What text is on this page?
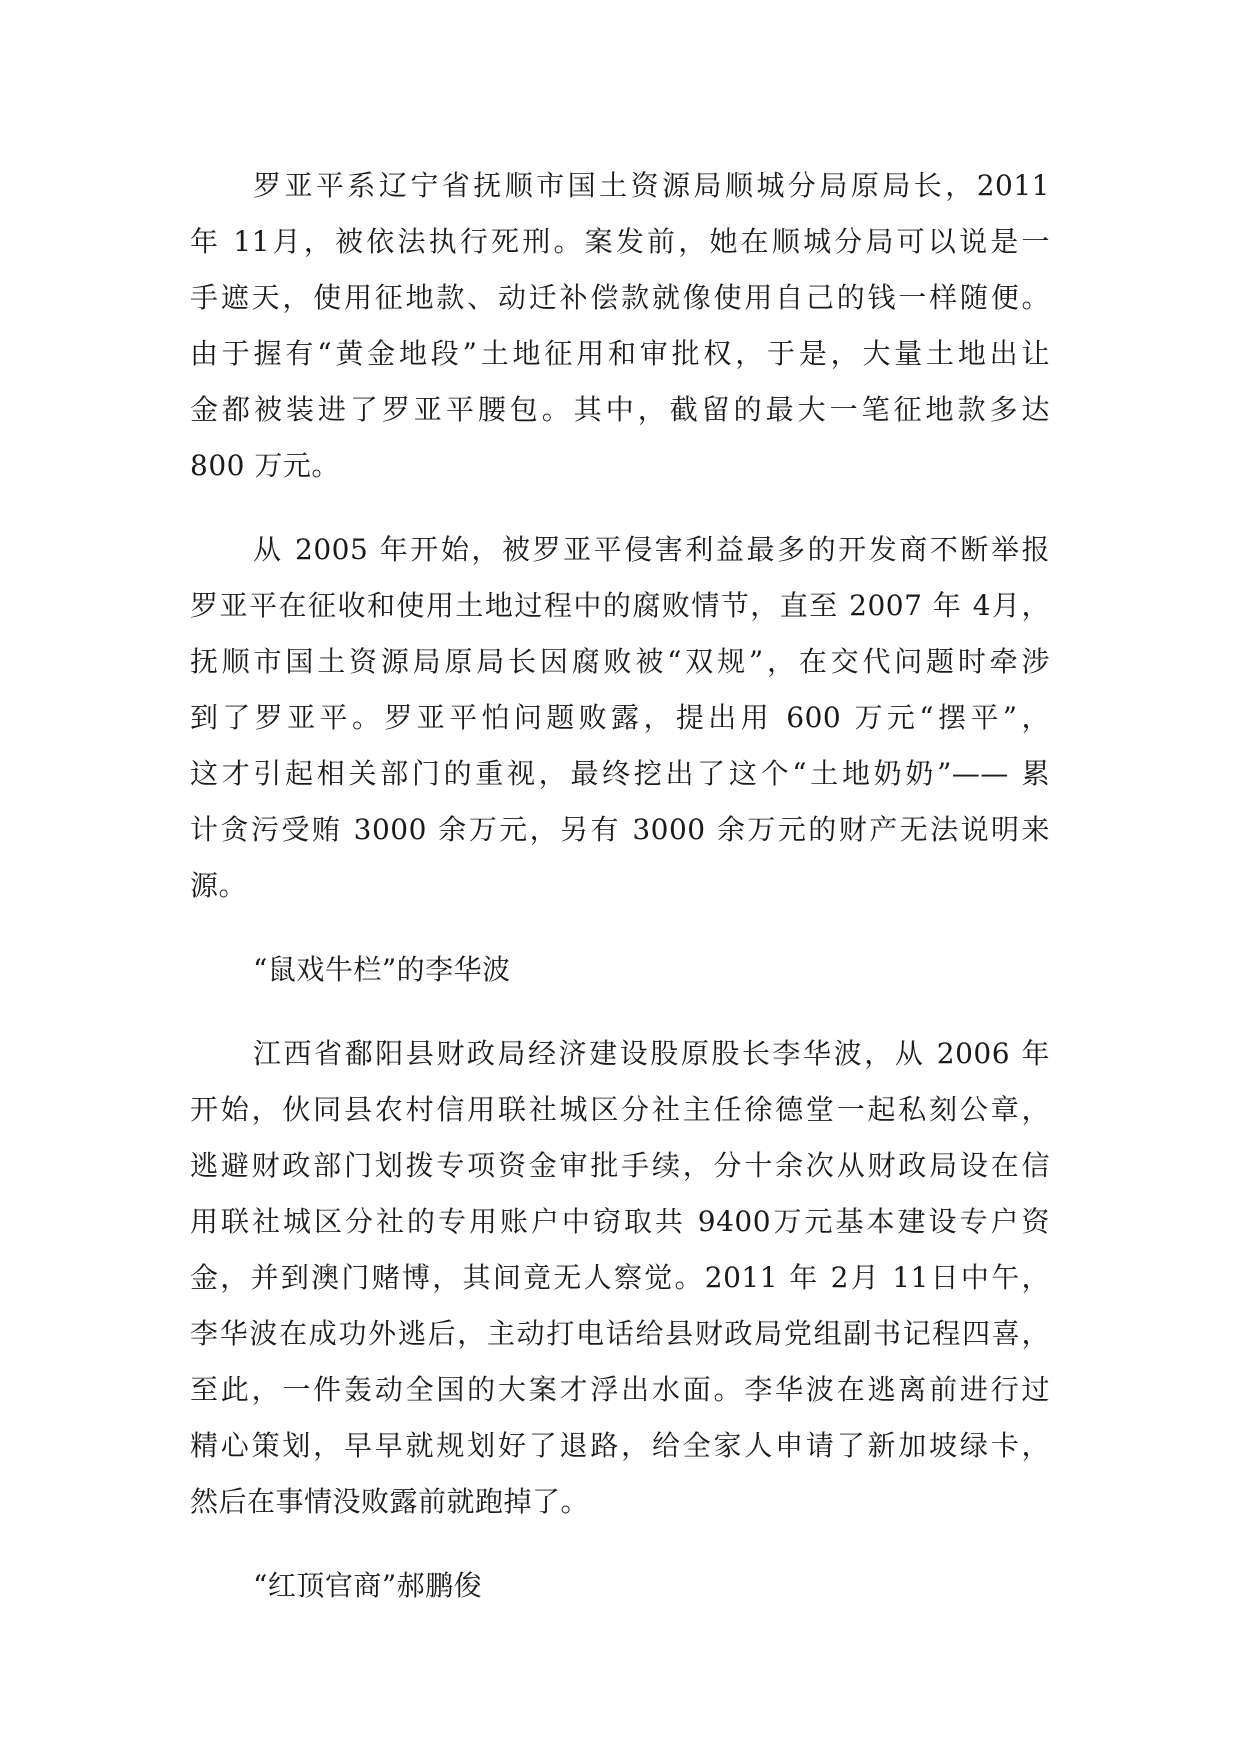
罗亚平系辽宁省抚顺市国土资源局顺城分局原局长，2011
年 11月，被依法执行死刑。案发前，她在顺城分局可以说是一
手遮天，使用征地款、动迁补偿款就像使用自己的钱一样随便。
由于握有“黄金地段”土地征用和审批权，于是，大量土地出让
金都被装进了罗亚平腰包。其中，截留的最大一笔征地款多达
800 万元。
从 2005 年开始，被罗亚平侵害利益最多的开发商不断举报
罗亚平在征收和使用土地过程中的腐败情节，直至 2007 年 4月，
抚顺市国土资源局原局长因腐败被“双规”，在交代问题时牵涉
到了罗亚平。罗亚平怕问题败露，提出用 600 万元“摆平”，
这才引起相关部门的重视，最终挖出了这个“土地奶奶”—— 累
计贪污受贿 3000 余万元，另有 3000 余万元的财产无法说明来
源。
“鼠戏牛栏”的李华波
江西省鄱阳县财政局经济建设股原股长李华波，从 2006 年
开始，伙同县农村信用联社城区分社主任徐德堂一起私刻公章，
逃避财政部门划拨专项资金审批手续，分十余次从财政局设在信
用联社城区分社的专用账户中窃取共 9400万元基本建设专户资
金，并到澳门赌博，其间竟无人察觉。2011 年 2月 11日中午，
李华波在成功外逃后，主动打电话给县财政局党组副书记程四喜，
至此，一件轰动全国的大案才浮出水面。李华波在逃离前进行过
精心策划，早早就规划好了退路，给全家人申请了新加坡绿卡，
然后在事情没败露前就跑掉了。
“红顶官商”郝鹏俊
